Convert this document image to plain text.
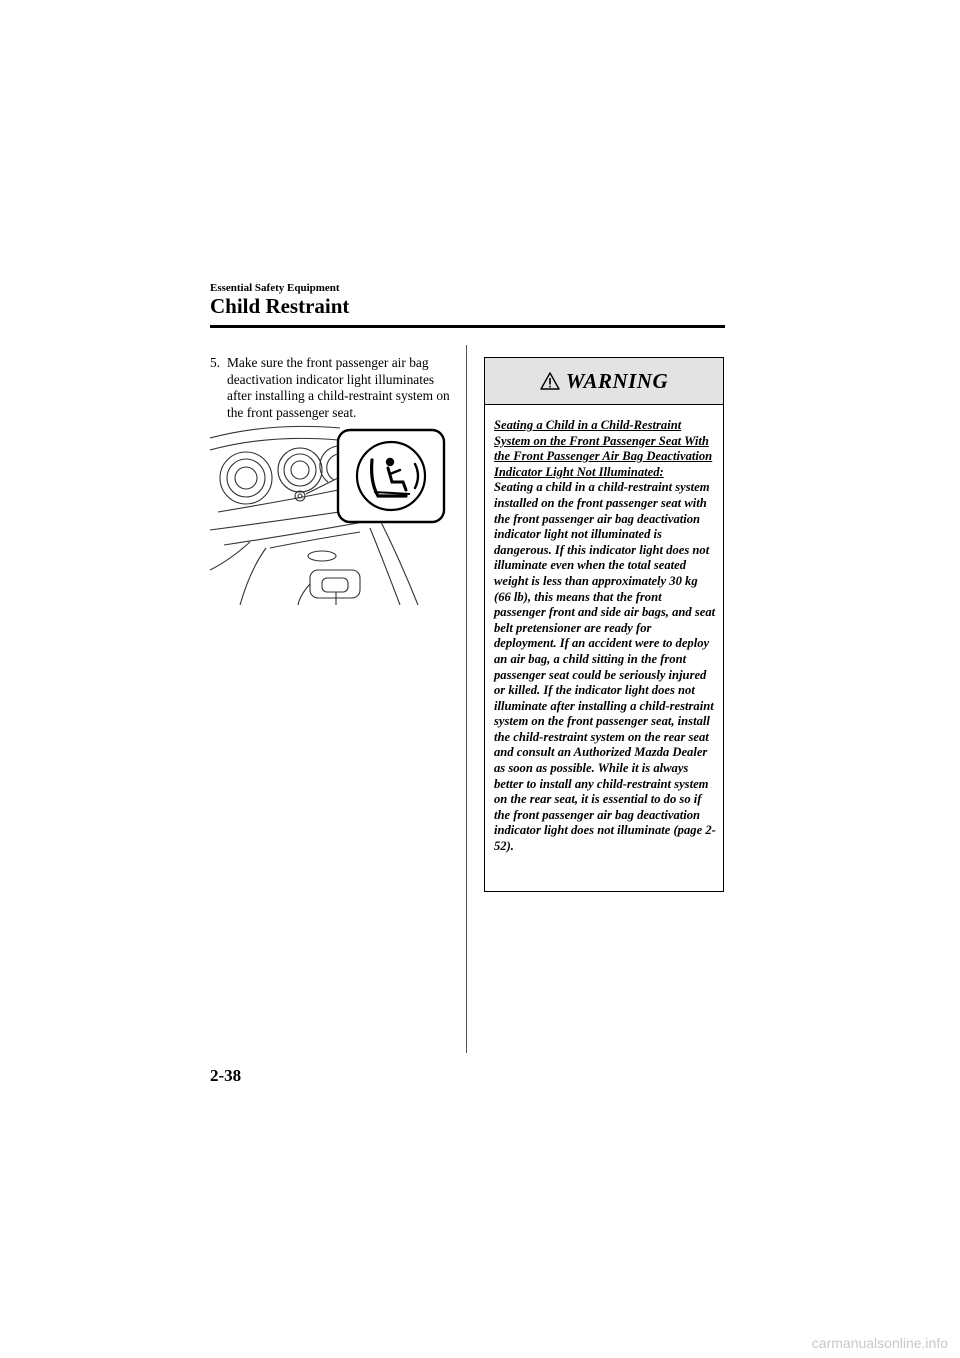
Essential Safety Equipment
Child Restraint
5. Make sure the front passenger air bag deactivation indicator light illuminates after installing a child-restraint system on the front passenger seat.
WARNING
Seating a Child in a Child-Restraint System on the Front Passenger Seat With the Front Passenger Air Bag Deactivation Indicator Light Not Illuminated:
Seating a child in a child-restraint system installed on the front passenger seat with the front passenger air bag deactivation indicator light not illuminated is dangerous. If this indicator light does not illuminate even when the total seated weight is less than approximately 30 kg (66 lb), this means that the front passenger front and side air bags, and seat belt pretensioner are ready for deployment. If an accident were to deploy an air bag, a child sitting in the front passenger seat could be seriously injured or killed. If the indicator light does not illuminate after installing a child-restraint system on the front passenger seat, install the child-restraint system on the rear seat and consult an Authorized Mazda Dealer as soon as possible. While it is always better to install any child-restraint system on the rear seat, it is essential to do so if the front passenger air bag deactivation indicator light does not illuminate (page 2-52).
2-38
carmanualsonline.info
